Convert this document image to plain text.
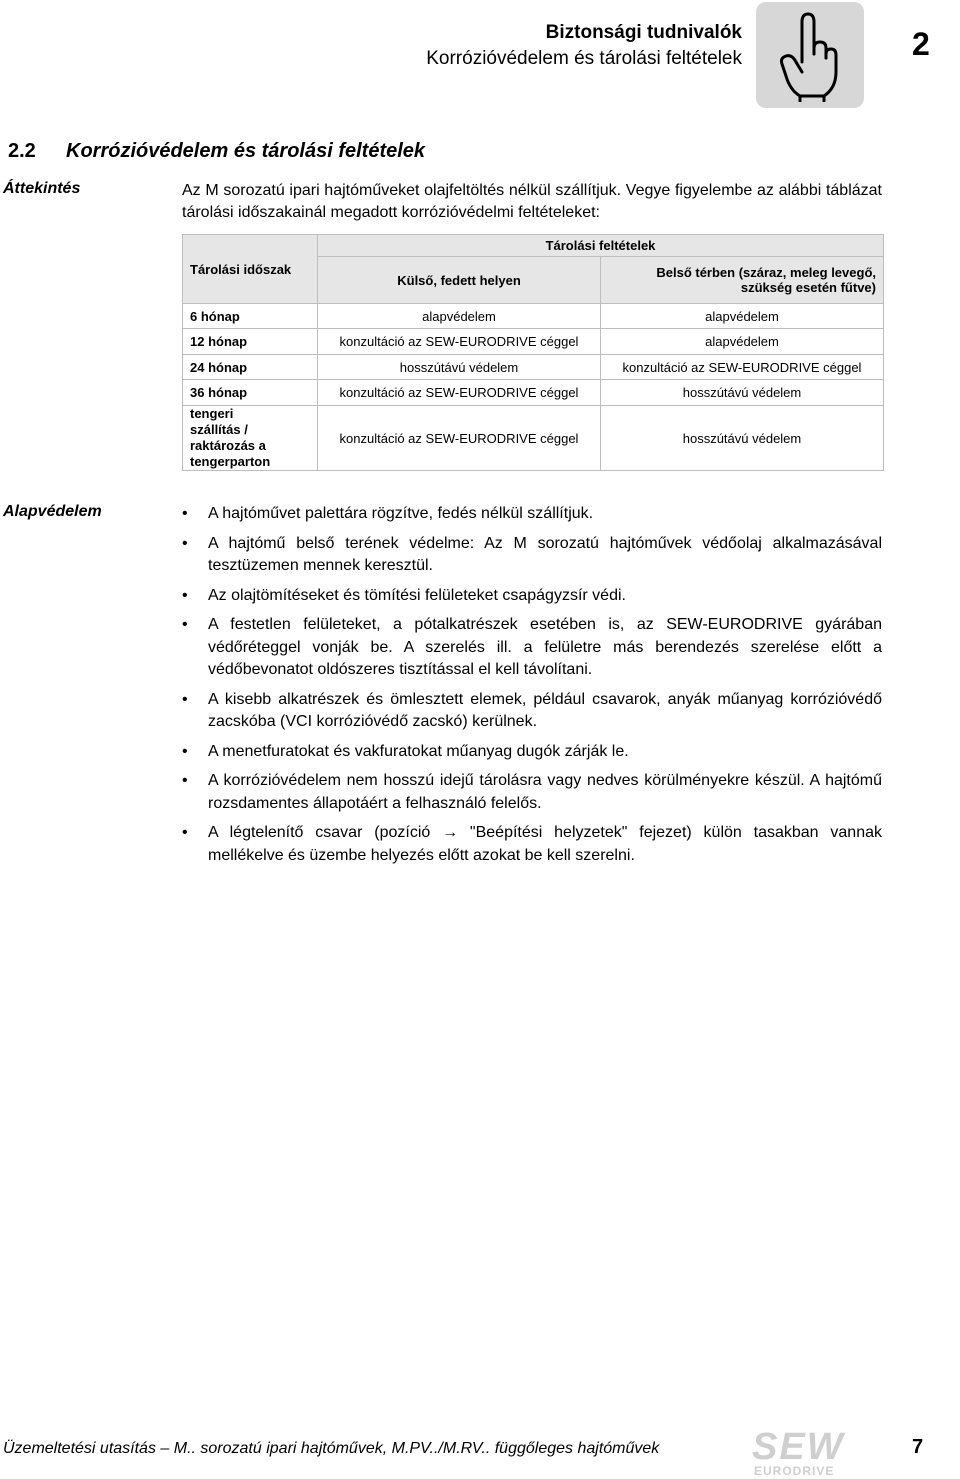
Biztonsági tudnivalók
Korrózióvédelem és tárolási feltételek	2
2.2 Korrózióvédelem és tárolási feltételek
Áttekintés	Az M sorozatú ipari hajtóműveket olajfeltöltés nélkül szállítjuk. Vegye figyelembe az alábbi táblázat tárolási időszakainál megadott korrózióvédelmi feltételeket:

Tárolási időszak	Tárolási feltételek	
	Külső, fedett helyen	Belső térben (száraz, meleg levegő, szükség esetén fűtve)
6 hónap	alapvédelem	alapvédelem
12 hónap	konzultáció az SEW-EURODRIVE céggel	alapvédelem
24 hónap	hosszútávú védelem	konzultáció az SEW-EURODRIVE céggel
36 hónap	konzultáció az SEW-EURODRIVE céggel	hosszútávú védelem
tengeri szállítás / raktározás a tengerparton	konzultáció az SEW-EURODRIVE céggel	hosszútávú védelem
Alapvédelem	• A hajtóművet palettára rögzítve, fedés nélkül szállítjuk.
• A hajtómű belső terének védelme: Az M sorozatú hajtóművek védőolaj alkalmazásával tesztüzemen mennek keresztül.
• Az olajtömítéseket és tömítési felületeket csapágyzsír védi.
• A festetlen felületeket, a pótalkatrészek esetében is, az SEW-EURODRIVE gyárában védőréteggel vonják be. A szerelés ill. a felületre más berendezés szerelése előtt a védőbevonatot oldószeres tisztítással el kell távolítani.
• A kisebb alkatrészek és ömlesztett elemek, például csavarok, anyák műanyag korrózióvédő zacskóba (VCI korrózióvédő zacskó) kerülnek.
• A menetfuratokat és vakfuratokat műanyag dugók zárják le.
• A korrózióvédelem nem hosszú idejű tárolásra vagy nedves körülményekre készül. A hajtómű rozsdamentes állapotáért a felhasználó felelős.
• A légtelenítő csavar (pozíció → "Beépítési helyzetek" fejezet) külön tasakban vannak mellékelve és üzembe helyezés előtt azokat be kell szerelni.
Üzemeltetési utasítás – M.. sorozatú ipari hajtóművek, M.PV../M.RV.. függőleges hajtóművek SEW
EURODRIVE
7
